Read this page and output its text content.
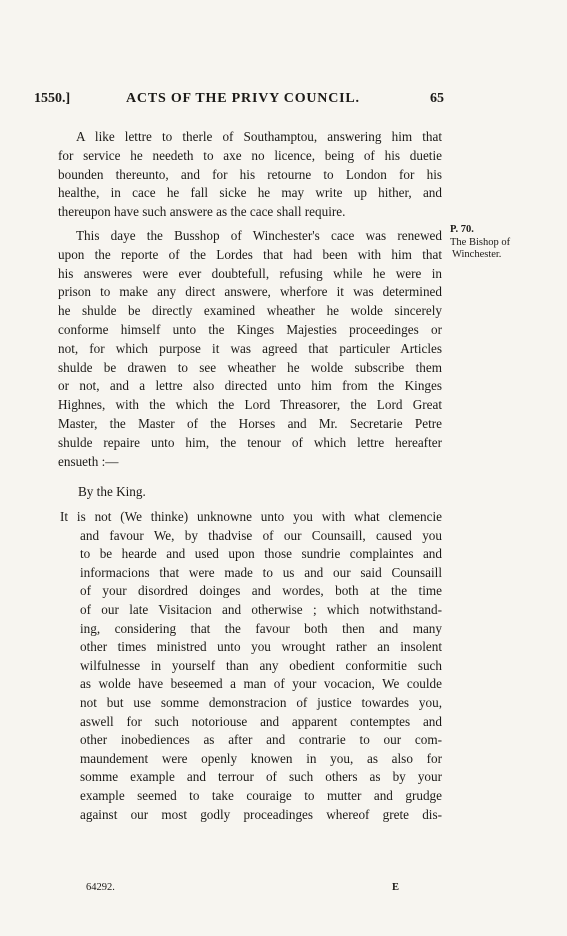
1550.]	ACTS OF THE PRIVY COUNCIL.	65
A like lettre to therle of Southamptou, answering him that
for service he needeth to axe no licence, being of his duetie
bounden thereunto, and for his retourne to London for his
healthe, in cace he fall sicke he may write up hither, and
thereupon have such answere as the cace shall require.
This daye the Busshop of Winchester's cace was renewed
upon the reporte of the Lordes that had been with him that
his answeres were ever doubtefull, refusing while he were in
prison to make any direct answere, wherfore it was determined
he shulde be directly examined wheather he wolde sincerely
conforme himself unto the Kinges Majesties proceedinges or
not, for which purpose it was agreed that particuler Articles
shulde be drawen to see wheather he wolde subscribe them
or not, and a lettre also directed unto him from the Kinges
Highnes, with the which the Lord Threasorer, the Lord Great
Master, the Master of the Horses and Mr. Secretarie Petre
shulde repaire unto him, the tenour of which lettre hereafter
ensueth :—
P. 70.
The Bishop of
Winchester.
By the King.
It is not (We thinke) unknowne unto you with what clemencie
and favour We, by thadvise of our Counsaill, caused you
to be hearde and used upon those sundrie complaintes and
informacions that were made to us and our said Counsaill
of your disordred doinges and wordes, both at the time
of our late Visitacion and otherwise ; which notwithstand-
ing, considering that the favour both then and many
other times ministred unto you wrought rather an insolent
wilfulnesse in yourself than any obedient conformitie such
as wolde have beseemed a man of your vocacion, We coulde
not but use somme demonstracion of justice towardes you,
aswell for such notoriouse and apparent contemptes and
other inobediences as after and contrarie to our com-
maundement were openly knowen in you, as also for
somme example and terrour of such others as by your
example seemed to take couraige to mutter and grudge
against our most godly proceadinges whereof grete dis-
64292.	E
